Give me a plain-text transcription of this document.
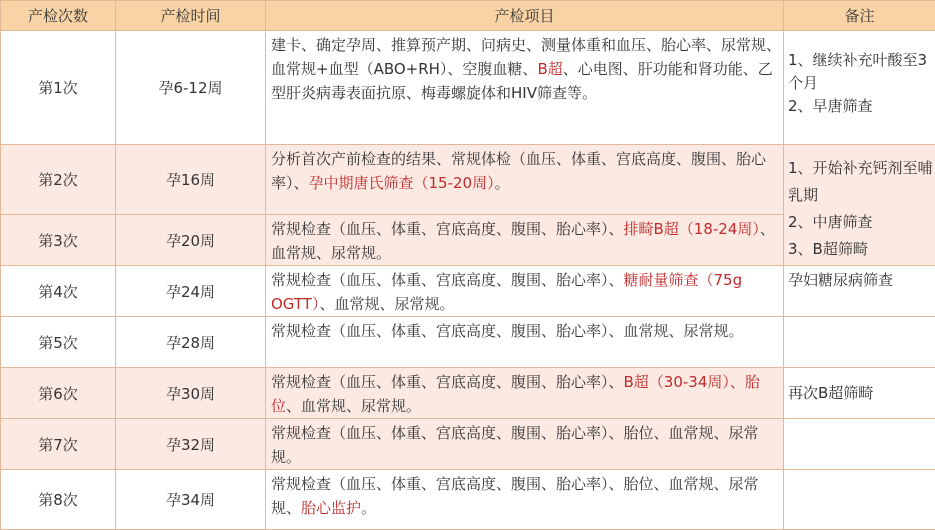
产检次数	产检时间	产检项目	备注
第1次	孕6-12周	建卡、确定孕周、推算预产期、问病史、测量体重和血压、胎心率、尿常规、血常规+血型（ABO+RH）、空腹血糖、B超、心电图、肝功能和肾功能、乙型肝炎病毒表面抗原、梅毒螺旋体和HIV筛查等。	1、继续补充叶酸至3个月
2、早唐筛查
第2次	孕16周	分析首次产前检查的结果、常规体检（血压、体重、宫底高度、腹围、胎心率）、孕中期唐氏筛查（15-20周）。	1、开始补充钙剂至哺乳期
2、中唐筛查
3、B超筛畸
第3次	孕20周	常规检查（血压、体重、宫底高度、腹围、胎心率）、排畸B超（18-24周）、血常规、尿常规。	
第4次	孕24周	常规检查（血压、体重、宫底高度、腹围、胎心率）、糖耐量筛查（75g OGTT）、血常规、尿常规。	孕妇糖尿病筛查
第5次	孕28周	常规检查（血压、体重、宫底高度、腹围、胎心率）、血常规、尿常规。	
第6次	孕30周	常规检查（血压、体重、宫底高度、腹围、胎心率）、B超（30-34周）、胎位、血常规、尿常规。	再次B超筛畸
第7次	孕32周	常规检查（血压、体重、宫底高度、腹围、胎心率）、胎位、血常规、尿常规。	
第8次	孕34周	常规检查（血压、体重、宫底高度、腹围、胎心率）、胎位、血常规、尿常规、胎心监护。	
